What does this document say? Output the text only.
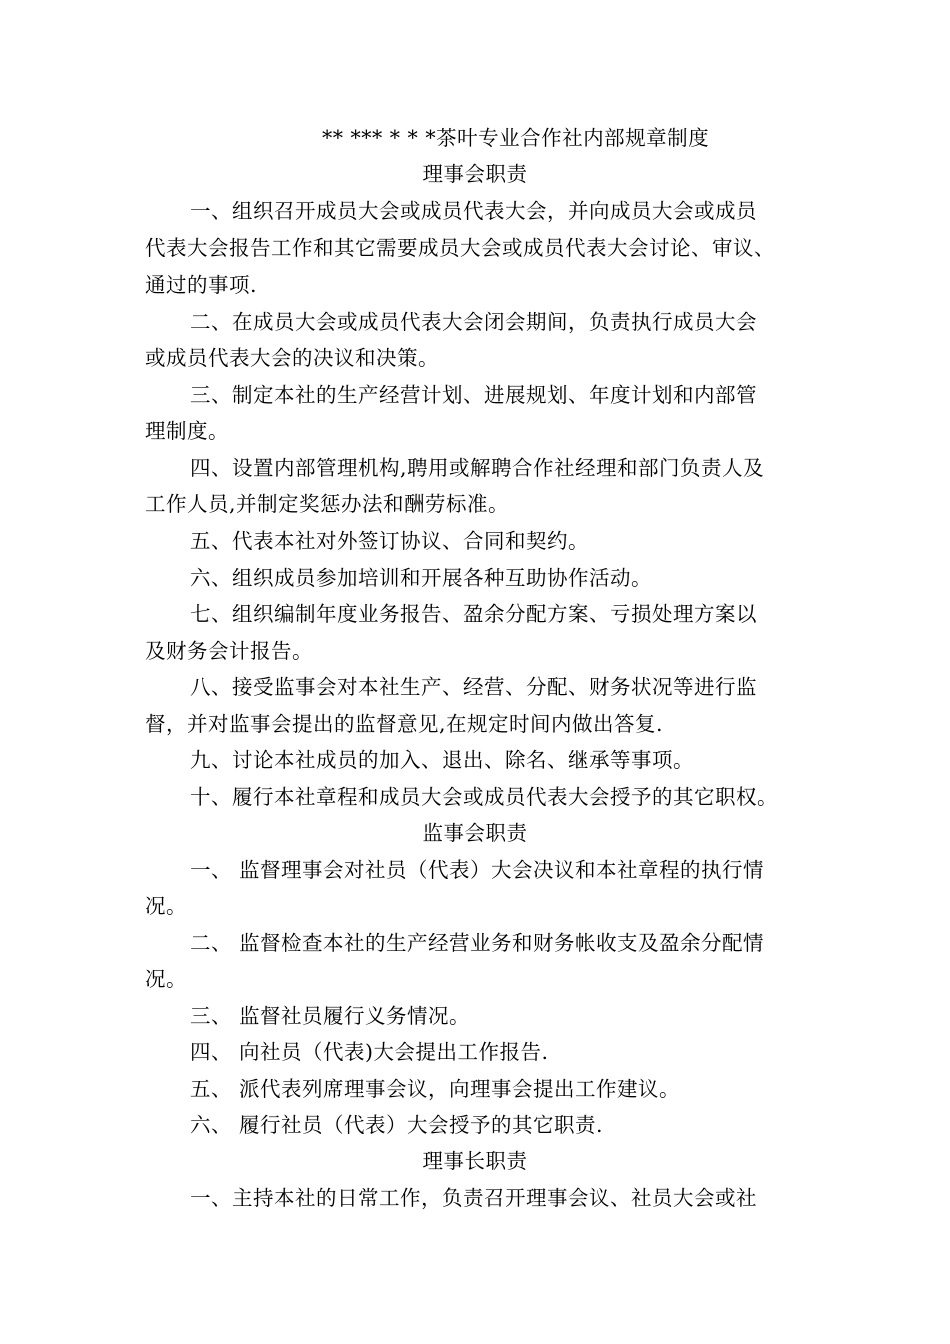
** *** * * *茶叶专业合作社内部规章制度
理事会职责
一、组织召开成员大会或成员代表大会，并向成员大会或成员
代表大会报告工作和其它需要成员大会或成员代表大会讨论、审议、
通过的事项.
二、在成员大会或成员代表大会闭会期间，负责执行成员大会
或成员代表大会的决议和决策。
三、制定本社的生产经营计划、进展规划、年度计划和内部管
理制度。
四、设置内部管理机构,聘用或解聘合作社经理和部门负责人及
工作人员,并制定奖惩办法和酬劳标准。
五、代表本社对外签订协议、合同和契约。
六、组织成员参加培训和开展各种互助协作活动。
七、组织编制年度业务报告、盈余分配方案、亏损处理方案以
及财务会计报告。
八、接受监事会对本社生产、经营、分配、财务状况等进行监
督，并对监事会提出的监督意见,在规定时间内做出答复.
九、讨论本社成员的加入、退出、除名、继承等事项。
十、履行本社章程和成员大会或成员代表大会授予的其它职权。
监事会职责
一、 监督理事会对社员（代表）大会决议和本社章程的执行情
况。
二、 监督检查本社的生产经营业务和财务帐收支及盈余分配情
况。
三、 监督社员履行义务情况。
四、 向社员（代表)大会提出工作报告.
五、 派代表列席理事会议，向理事会提出工作建议。
六、 履行社员（代表）大会授予的其它职责.
理事长职责
一、主持本社的日常工作，负责召开理事会议、社员大会或社
